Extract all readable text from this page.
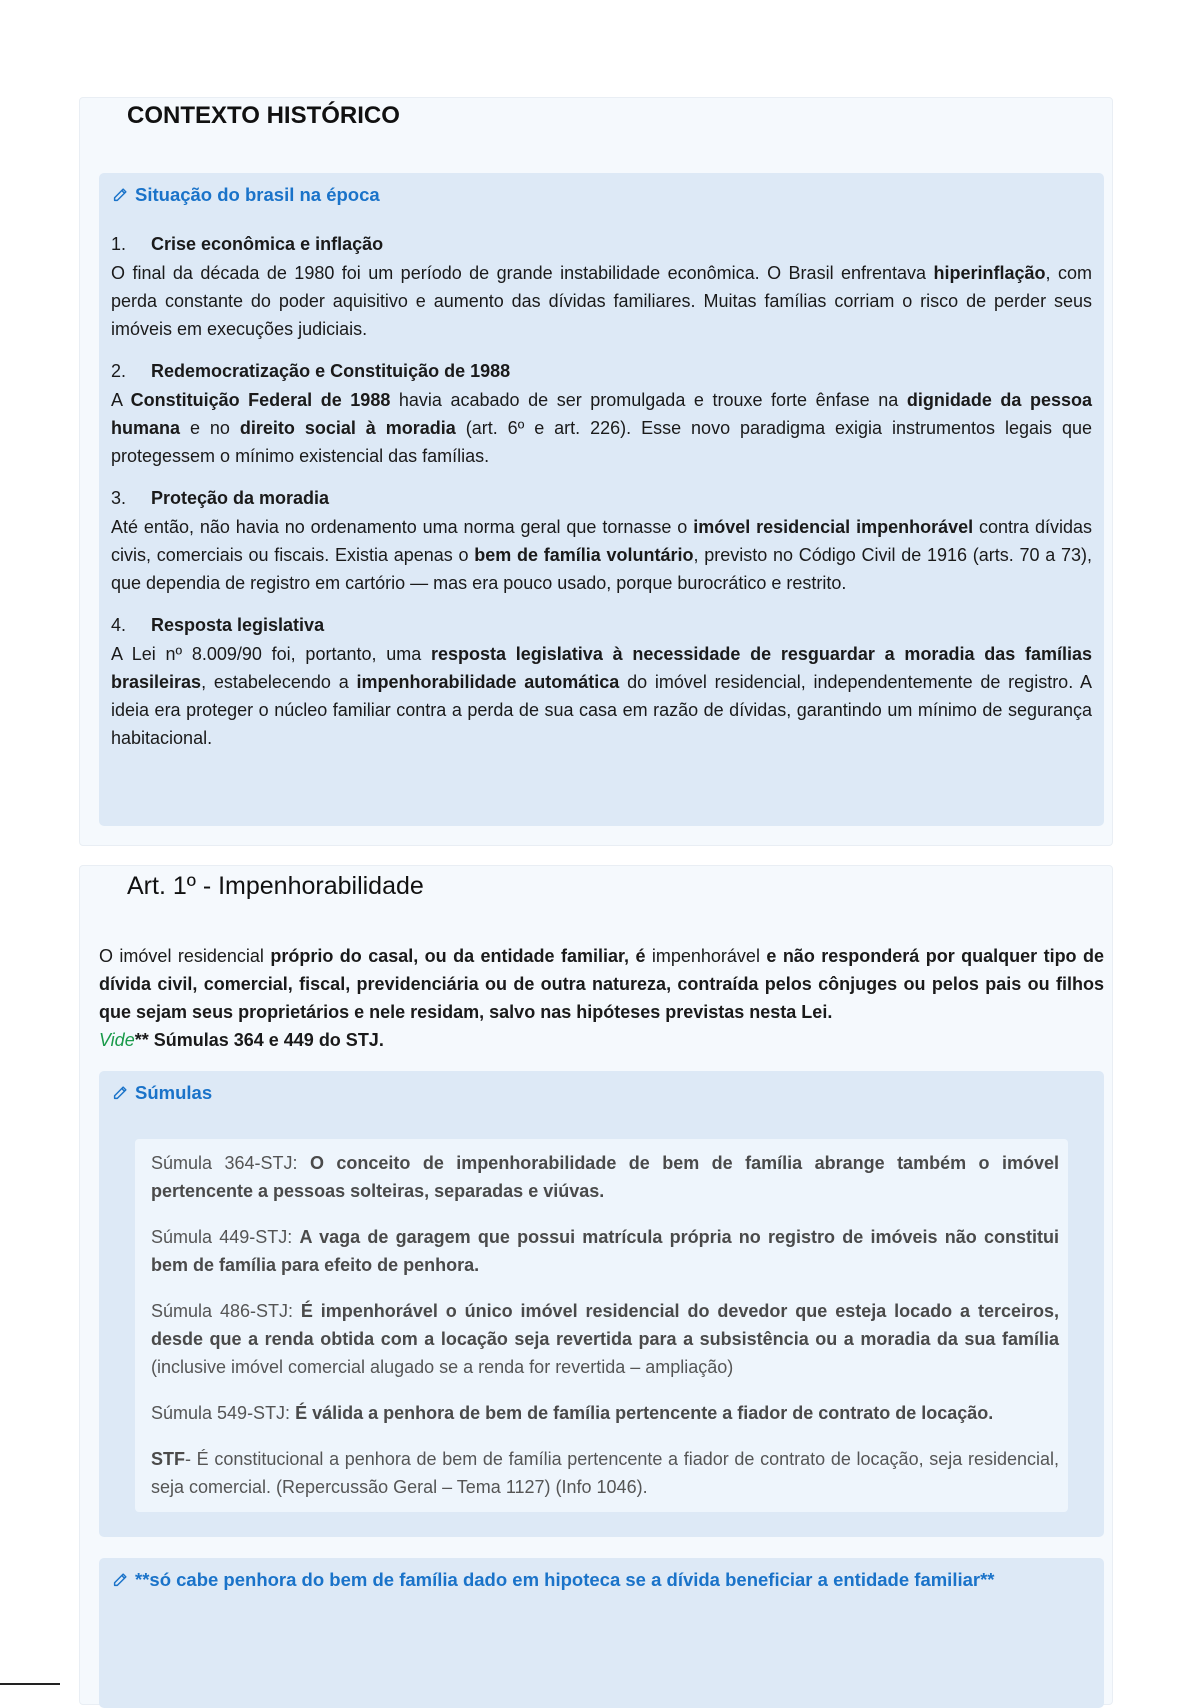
CONTEXTO HISTÓRICO
Situação do brasil na época
1.	Crise econômica e inflação

O final da década de 1980 foi um período de grande instabilidade econômica. O Brasil enfrentava hiperinflação, com perda constante do poder aquisitivo e aumento das dívidas familiares. Muitas famílias corriam o risco de perder seus imóveis em execuções judiciais.

2.	Redemocratização e Constituição de 1988

A Constituição Federal de 1988 havia acabado de ser promulgada e trouxe forte ênfase na dignidade da pessoa humana e no direito social à moradia (art. 6º e art. 226). Esse novo paradigma exigia instrumentos legais que protegessem o mínimo existencial das famílias.

3.	Proteção da moradia

Até então, não havia no ordenamento uma norma geral que tornasse o imóvel residencial impenhorável contra dívidas civis, comerciais ou fiscais. Existia apenas o bem de família voluntário, previsto no Código Civil de 1916 (arts. 70 a 73), que dependia de registro em cartório — mas era pouco usado, porque burocrático e restrito.

4.	Resposta legislativa

A Lei nº 8.009/90 foi, portanto, uma resposta legislativa à necessidade de resguardar a moradia das famílias brasileiras, estabelecendo a impenhorabilidade automática do imóvel residencial, independentemente de registro. A ideia era proteger o núcleo familiar contra a perda de sua casa em razão de dívidas, garantindo um mínimo de segurança habitacional.

Art. 1º - Impenhorabilidade
O imóvel residencial próprio do casal, ou da entidade familiar, é impenhorável e não responderá por qualquer tipo de dívida civil, comercial, fiscal, previdenciária ou de outra natureza, contraída pelos cônjuges ou pelos pais ou filhos que sejam seus proprietários e nele residam, salvo nas hipóteses previstas nesta Lei.
Vide** Súmulas 364 e 449 do STJ.
Súmulas

Súmula 364-STJ: O conceito de impenhorabilidade de bem de família abrange também o imóvel pertencente a pessoas solteiras, separadas e viúvas.

Súmula 449-STJ: A vaga de garagem que possui matrícula própria no registro de imóveis não constitui bem de família para efeito de penhora.

Súmula 486-STJ: É impenhorável o único imóvel residencial do devedor que esteja locado a terceiros, desde que a renda obtida com a locação seja revertida para a subsistência ou a moradia da sua família (inclusive imóvel comercial alugado se a renda for revertida – ampliação)

Súmula 549-STJ: É válida a penhora de bem de família pertencente a fiador de contrato de locação.

STF- É constitucional a penhora de bem de família pertencente a fiador de contrato de locação, seja residencial, seja comercial. (Repercussão Geral – Tema 1127) (Info 1046).

**só cabe penhora do bem de família dado em hipoteca se a dívida beneficiar a entidade familiar**
